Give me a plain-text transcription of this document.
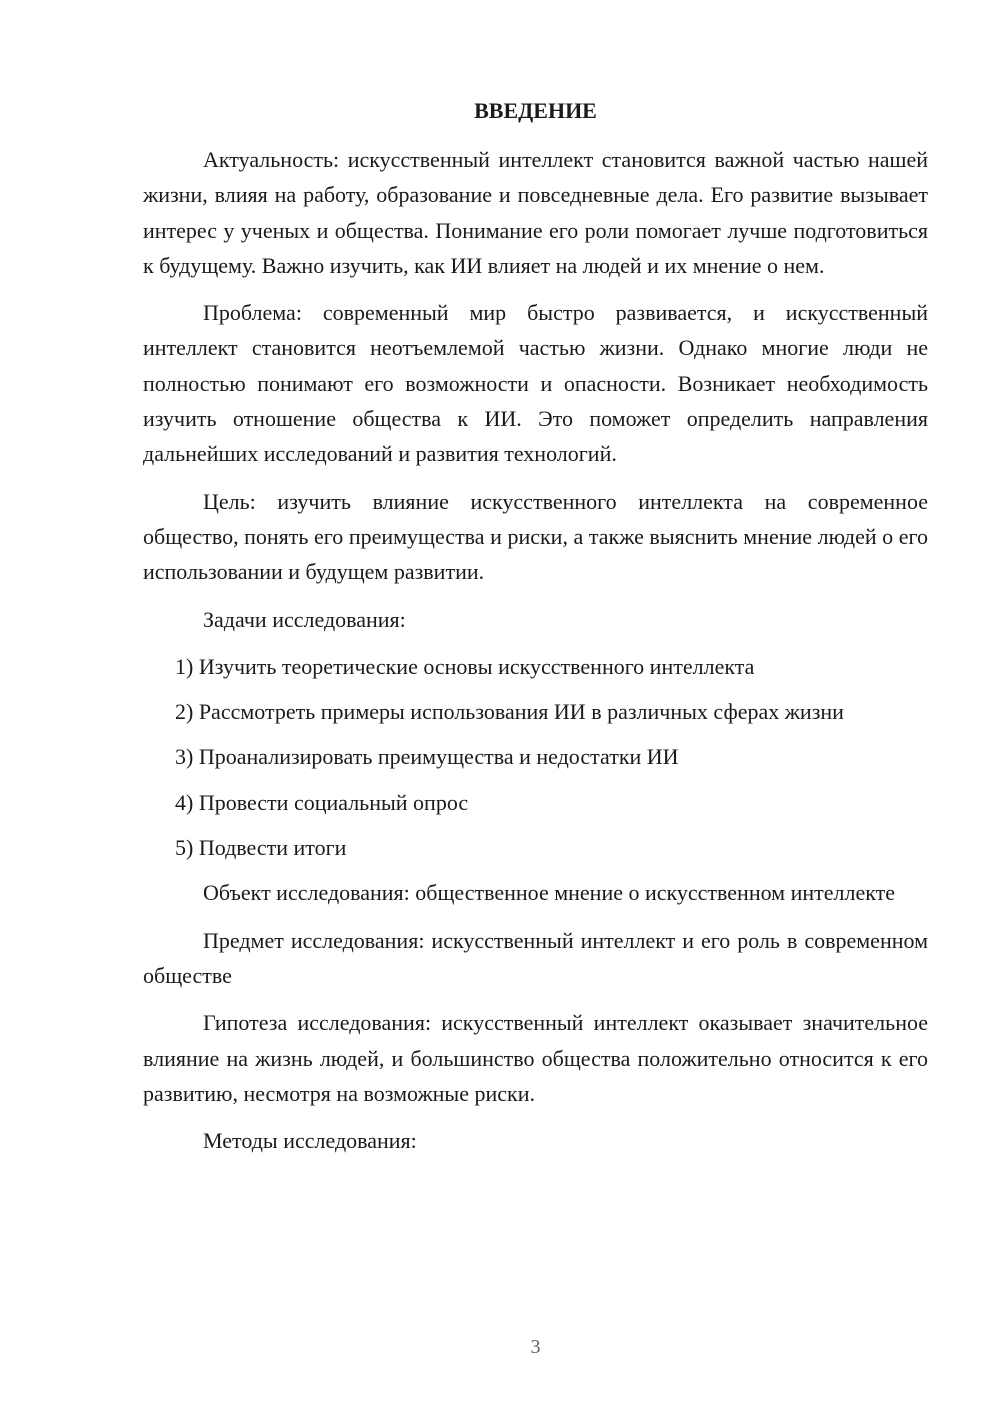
ВВЕДЕНИЕ

Актуальность: искусственный интеллект становится важной частью нашей жизни, влияя на работу, образование и повседневные дела. Его развитие вызывает интерес у ученых и общества. Понимание его роли помогает лучше подготовиться к будущему. Важно изучить, как ИИ влияет на людей и их мнение о нем.

Проблема: современный мир быстро развивается, и искусственный интеллект становится неотъемлемой частью жизни. Однако многие люди не полностью понимают его возможности и опасности. Возникает необходимость изучить отношение общества к ИИ. Это поможет определить направления дальнейших исследований и развития технологий.

Цель: изучить влияние искусственного интеллекта на современное общество, понять его преимущества и риски, а также выяснить мнение людей о его использовании и будущем развитии.

Задачи исследования:

1) Изучить теоретические основы искусственного интеллекта

2) Рассмотреть примеры использования ИИ в различных сферах жизни

3) Проанализировать преимущества и недостатки ИИ

4) Провести социальный опрос

5) Подвести итоги

Объект исследования: общественное мнение о искусственном интеллекте

Предмет исследования: искусственный интеллект и его роль в современном обществе

Гипотеза исследования: искусственный интеллект оказывает значительное влияние на жизнь людей, и большинство общества положительно относится к его развитию, несмотря на возможные риски.

Методы исследования:

3
